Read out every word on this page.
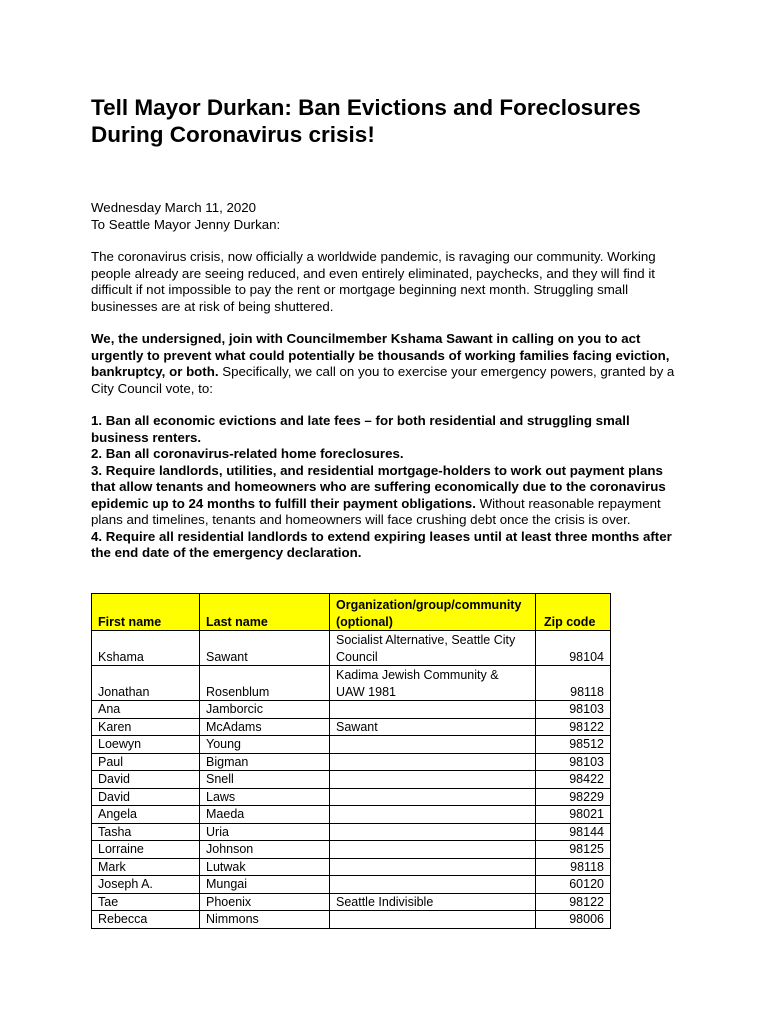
Tell Mayor Durkan: Ban Evictions and Foreclosures
During Coronavirus crisis!
Wednesday March 11, 2020
To Seattle Mayor Jenny Durkan:
The coronavirus crisis, now officially a worldwide pandemic, is ravaging our community. Working people already are seeing reduced, and even entirely eliminated, paychecks, and they will find it difficult if not impossible to pay the rent or mortgage beginning next month. Struggling small businesses are at risk of being shuttered.
We, the undersigned, join with Councilmember Kshama Sawant in calling on you to act urgently to prevent what could potentially be thousands of working families facing eviction, bankruptcy, or both. Specifically, we call on you to exercise your emergency powers, granted by a City Council vote, to:

1. Ban all economic evictions and late fees – for both residential and struggling small business renters.

2. Ban all coronavirus-related home foreclosures.

3. Require landlords, utilities, and residential mortgage-holders to work out payment plans that allow tenants and homeowners who are suffering economically due to the coronavirus epidemic up to 24 months to fulfill their payment obligations. Without reasonable repayment plans and timelines, tenants and homeowners will face crushing debt once the crisis is over.

4. Require all residential landlords to extend expiring leases until at least three months after the end date of the emergency declaration.

First name	Last name	Organization/group/community (optional)	Zip code
Kshama	Sawant	Socialist Alternative, Seattle City Council	98104
Jonathan	Rosenblum	Kadima Jewish Community & UAW 1981	98118
Ana	Jamborcic		98103
Karen	McAdams	Sawant	98122
Loewyn	Young		98512
Paul	Bigman		98103
David	Snell		98422
David	Laws		98229
Angela	Maeda		98021
Tasha	Uria		98144
Lorraine	Johnson		98125
Mark	Lutwak		98118
Joseph A.	Mungai		60120
Tae	Phoenix	Seattle Indivisible	98122
Rebecca	Nimmons		98006
